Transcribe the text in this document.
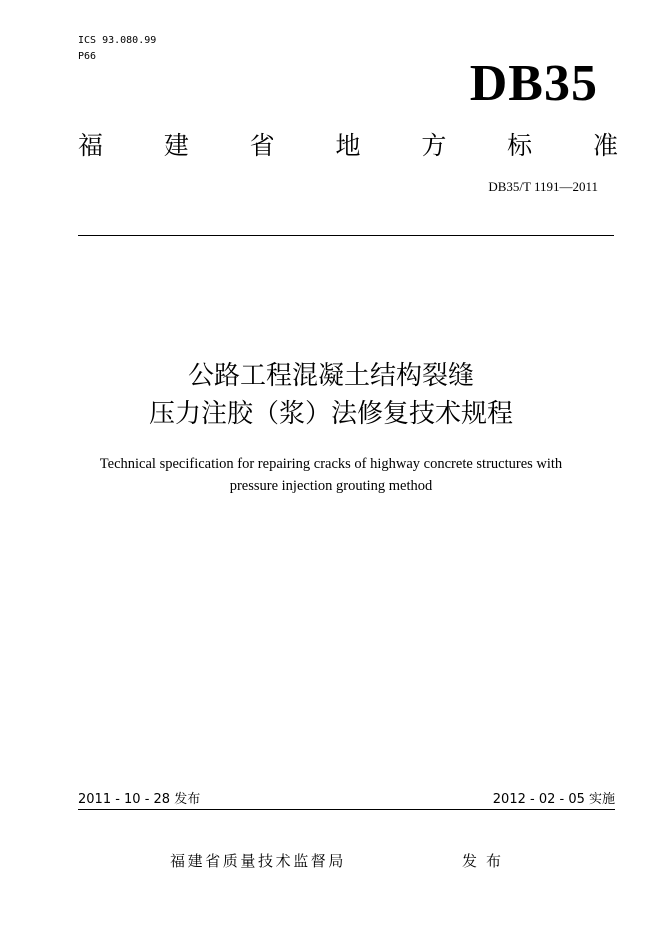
ICS 93.080.99
P66	DB35
福 建 省 地 方 标 准
DB35/T 1191—2011
公路工程混凝土结构裂缝
压力注胶（浆）法修复技术规程
Technical specification for repairing cracks of highway concrete structures with
pressure injection grouting method
2011 - 10 - 28 发布	2012 - 02 - 05 实施
福建省质量技术监督局	发布
